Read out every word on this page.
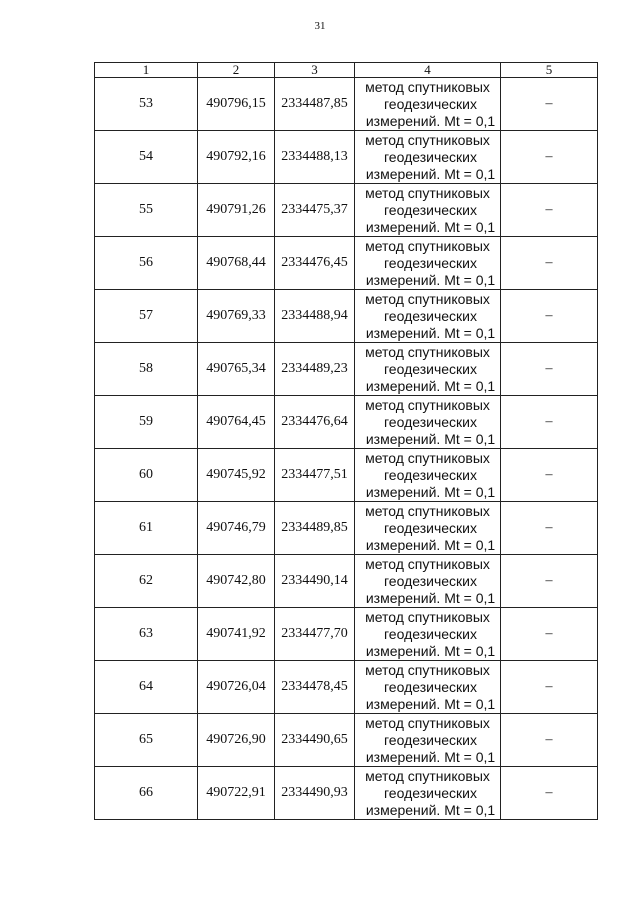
31
1	2	3	4	5
53	490796,15	2334487,85	метод спутниковых
геодезических
измерений. Mt = 0,1	–
54	490792,16	2334488,13	метод спутниковых
геодезических
измерений. Mt = 0,1	–
55	490791,26	2334475,37	метод спутниковых
геодезических
измерений. Mt = 0,1	–
56	490768,44	2334476,45	метод спутниковых
геодезических
измерений. Mt = 0,1	–
57	490769,33	2334488,94	метод спутниковых
геодезических
измерений. Mt = 0,1	–
58	490765,34	2334489,23	метод спутниковых
геодезических
измерений. Mt = 0,1	–
59	490764,45	2334476,64	метод спутниковых
геодезических
измерений. Mt = 0,1	–
60	490745,92	2334477,51	метод спутниковых
геодезических
измерений. Mt = 0,1	–
61	490746,79	2334489,85	метод спутниковых
геодезических
измерений. Mt = 0,1	–
62	490742,80	2334490,14	метод спутниковых
геодезических
измерений. Mt = 0,1	–
63	490741,92	2334477,70	метод спутниковых
геодезических
измерений. Mt = 0,1	–
64	490726,04	2334478,45	метод спутниковых
геодезических
измерений. Mt = 0,1	–
65	490726,90	2334490,65	метод спутниковых
геодезических
измерений. Mt = 0,1	–
66	490722,91	2334490,93	метод спутниковых
геодезических
измерений. Mt = 0,1	–
